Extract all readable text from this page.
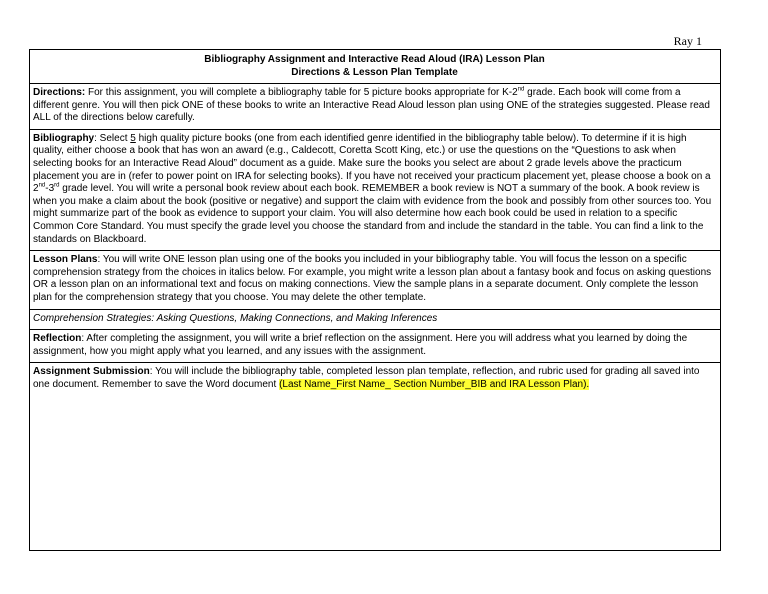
Ray 1
Bibliography Assignment and Interactive Read Aloud (IRA) Lesson Plan
Directions & Lesson Plan Template

Directions: For this assignment, you will complete a bibliography table for 5 picture books appropriate for K-2nd grade. Each book will come from a different genre. You will then pick ONE of these books to write an Interactive Read Aloud lesson plan using ONE of the strategies suggested. Please read ALL of the directions below carefully.

Bibliography: Select 5 high quality picture books (one from each identified genre identified in the bibliography table below). To determine if it is high quality, either choose a book that has won an award (e.g., Caldecott, Coretta Scott King, etc.) or use the questions on the “Questions to ask when selecting books for an Interactive Read Aloud” document as a guide. Make sure the books you select are about 2 grade levels above the practicum placement you are in (refer to power point on IRA for selecting books). If you have not received your practicum placement yet, please choose a book on a 2nd-3rd grade level. You will write a personal book review about each book. REMEMBER a book review is NOT a summary of the book. A book review is when you make a claim about the book (positive or negative) and support the claim with evidence from the book and possibly from other sources too. You might summarize part of the book as evidence to support your claim. You will also determine how each book could be used in relation to a specific Common Core Standard. You must specify the grade level you choose the standard from and include the standard in the table. You can find a link to the standards on Blackboard.

Lesson Plans: You will write ONE lesson plan using one of the books you included in your bibliography table. You will focus the lesson on a specific comprehension strategy from the choices in italics below. For example, you might write a lesson plan about a fantasy book and focus on asking questions OR a lesson plan on an informational text and focus on making connections. View the sample plans in a separate document. Only complete the lesson plan for the comprehension strategy that you choose. You may delete the other template.

Comprehension Strategies: Asking Questions, Making Connections, and Making Inferences

Reflection: After completing the assignment, you will write a brief reflection on the assignment. Here you will address what you learned by doing the assignment, how you might apply what you learned, and any issues with the assignment.

Assignment Submission: You will include the bibliography table, completed lesson plan template, reflection, and rubric used for grading all saved into one document. Remember to save the Word document (Last Name_First Name_ Section Number_BIB and IRA Lesson Plan).
